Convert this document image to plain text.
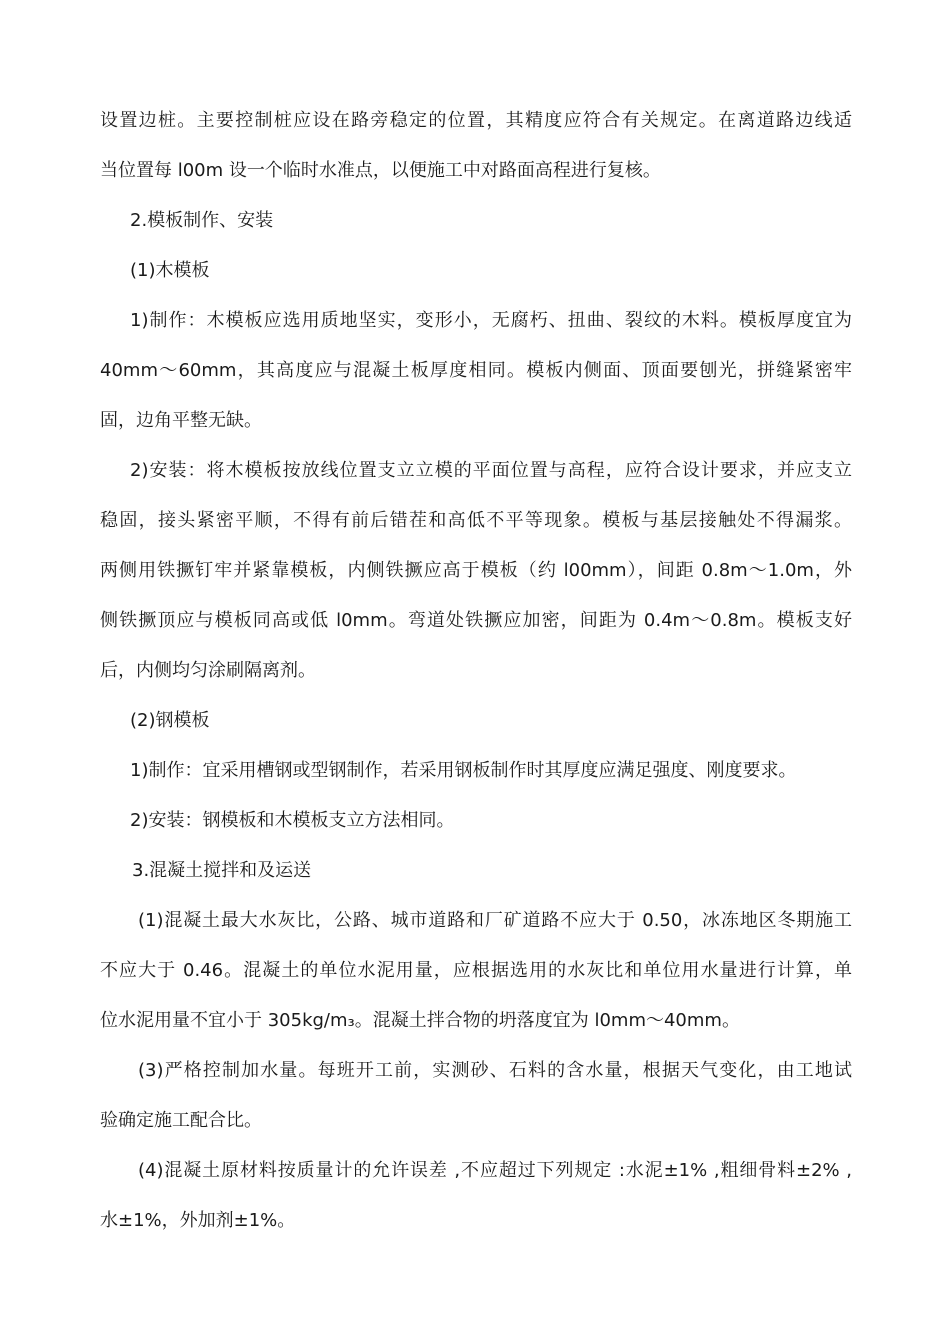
设置边桩。主要控制桩应设在路旁稳定的位置，其精度应符合有关规定。在离道路边线适
当位置每 l00m 设一个临时水准点，以便施工中对路面高程进行复核。
2.模板制作、安装
(1)木模板
1)制作：木模板应选用质地坚实，变形小，无腐朽、扭曲、裂纹的木料。模板厚度宜为
40mm～60mm，其高度应与混凝土板厚度相同。模板内侧面、顶面要刨光，拼缝紧密牢
固，边角平整无缺。
2)安装：将木模板按放线位置支立立模的平面位置与高程，应符合设计要求，并应支立
稳固，接头紧密平顺，不得有前后错茬和高低不平等现象。模板与基层接触处不得漏浆。
两侧用铁撅钉牢并紧靠模板，内侧铁撅应高于模板（约 l00mm），间距 0.8m～1.0m，外
侧铁撅顶应与模板同高或低 l0mm。弯道处铁撅应加密，间距为 0.4m～0.8m。模板支好
后，内侧均匀涂刷隔离剂。
(2)钢模板
1)制作：宜采用槽钢或型钢制作，若采用钢板制作时其厚度应满足强度、刚度要求。
2)安装：钢模板和木模板支立方法相同。
3.混凝土搅拌和及运送
(1)混凝土最大水灰比，公路、城市道路和厂矿道路不应大于 0.50，冰冻地区冬期施工
不应大于 0.46。混凝土的单位水泥用量，应根据选用的水灰比和单位用水量进行计算，单
位水泥用量不宜小于 305kg/m₃。混凝土拌合物的坍落度宜为 l0mm～40mm。
(3)严格控制加水量。每班开工前，实测砂、石料的含水量，根据天气变化，由工地试
验确定施工配合比。
(4)混凝土原材料按质量计的允许误差 ,不应超过下列规定 :水泥±1% ,粗细骨料±2% ,
水±1%，外加剂±1%。
